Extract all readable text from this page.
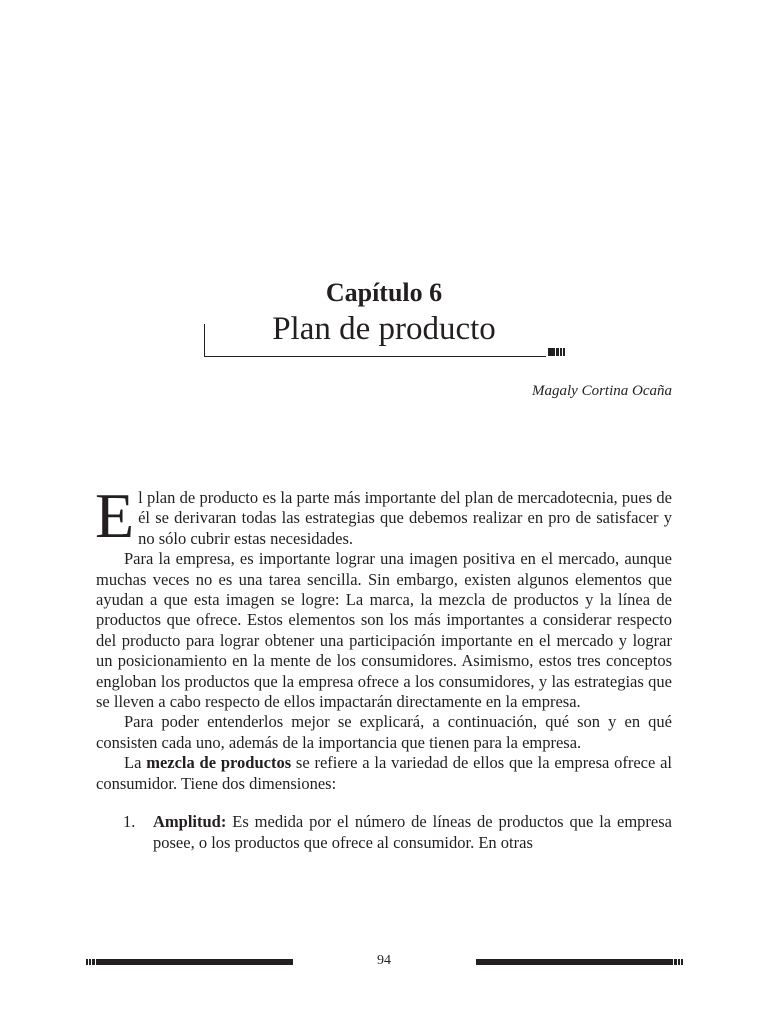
Capítulo 6
Plan de producto
Magaly Cortina Ocaña

El plan de producto es la parte más importante del plan de mercadotecnia, pues de él se derivaran todas las estrategias que debemos realizar en pro de satisfacer y no sólo cubrir estas necesidades.

Para la empresa, es importante lograr una imagen positiva en el mercado, aunque muchas veces no es una tarea sencilla. Sin embargo, existen algunos elementos que ayudan a que esta imagen se logre: La marca, la mezcla de productos y la línea de productos que ofrece. Estos elementos son los más importantes a considerar respecto del producto para lograr obtener una participación importante en el mercado y lograr un posicionamiento en la mente de los consumidores. Asimismo, estos tres conceptos engloban los productos que la empresa ofrece a los consumidores, y las estrategias que se lleven a cabo respecto de ellos impactarán directamente en la empresa.

Para poder entenderlos mejor se explicará, a continuación, qué son y en qué consisten cada uno, además de la importancia que tienen para la empresa.

La mezcla de productos se refiere a la variedad de ellos que la empresa ofrece al consumidor. Tiene dos dimensiones:

1. Amplitud: Es medida por el número de líneas de productos que la empresa posee, o los productos que ofrece al consumidor. En otras
94
